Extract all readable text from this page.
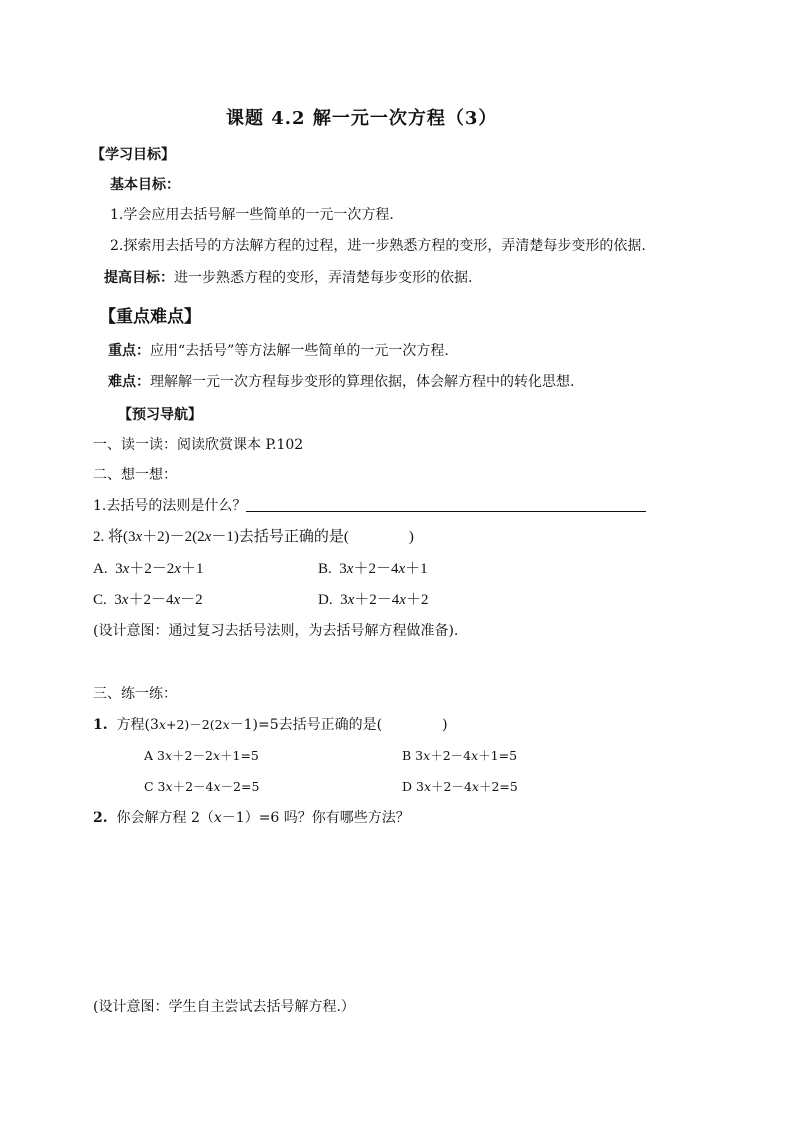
课题 4.2 解一元一次方程（3）
【学习目标】
基本目标：
1.学会应用去括号解一些简单的一元一次方程.
2.探索用去括号的方法解方程的过程，进一步熟悉方程的变形，弄清楚每步变形的依据.
提高目标：进一步熟悉方程的变形，弄清楚每步变形的依据.
【重点难点】
重点：应用“去括号”等方法解一些简单的一元一次方程.
难点：理解解一元一次方程每步变形的算理依据，体会解方程中的转化思想.
【预习导航】
一、读一读：阅读欣赏课本 P.102
二、想一想：
1.去括号的法则是什么？
2. 将(3x＋2)－2(2x－1)去括号正确的是(	)
A. 3x＋2－2x＋1	B. 3x＋2－4x＋1
C. 3x＋2－4x－2	D. 3x＋2－4x＋2
(设计意图：通过复习去括号法则，为去括号解方程做准备).
三、练一练：
1. 方程(3x+2)－2(2x－1)=5去括号正确的是(	)
A 3x＋2－2x＋1=5	B 3x＋2－4x＋1=5
C 3x＋2－4x－2=5	D 3x＋2－4x＋2=5
2. 你会解方程 2（x－1）=6 吗？你有哪些方法？
(设计意图：学生自主尝试去括号解方程.）
